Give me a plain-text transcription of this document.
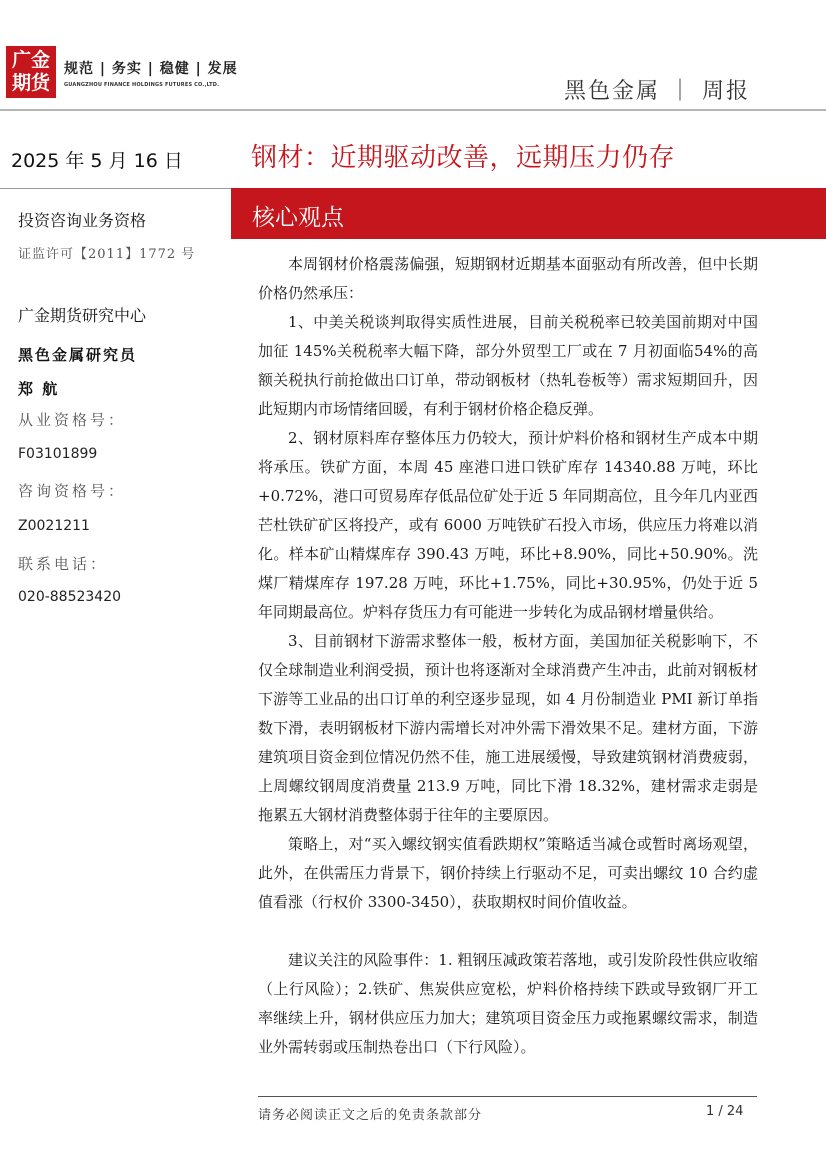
广金
期货
规范 | 务实 | 稳健 | 发展
GUANGZHOU FINANCE HOLDINGS FUTURES CO.,LTD.	黑色金属 ｜ 周报
2025 年 5 月 16 日	钢材：近期驱动改善，远期压力仍存
核心观点
投资咨询业务资格
证监许可【2011】1772 号
广金期货研究中心
黑色金属研究员
郑 航
从业资格号：
F03101899
咨询资格号：
Z0021211
联系电话：
020-88523420

本周钢材价格震荡偏强，短期钢材近期基本面驱动有所改善，但中长期价格仍然承压：

1、中美关税谈判取得实质性进展，目前关税税率已较美国前期对中国加征 145%关税税率大幅下降，部分外贸型工厂或在 7 月初面临54%的高额关税执行前抢做出口订单，带动钢板材（热轧卷板等）需求短期回升，因此短期内市场情绪回暖，有利于钢材价格企稳反弹。

2、钢材原料库存整体压力仍较大，预计炉料价格和钢材生产成本中期将承压。铁矿方面，本周 45 座港口进口铁矿库存 14340.88 万吨，环比+0.72%，港口可贸易库存低品位矿处于近 5 年同期高位，且今年几内亚西芒杜铁矿矿区将投产，或有 6000 万吨铁矿石投入市场，供应压力将难以消化。样本矿山精煤库存 390.43 万吨，环比+8.90%，同比+50.90%。洗煤厂精煤库存 197.28 万吨，环比+1.75%，同比+30.95%，仍处于近 5 年同期最高位。炉料存货压力有可能进一步转化为成品钢材增量供给。

3、目前钢材下游需求整体一般，板材方面，美国加征关税影响下，不仅全球制造业利润受损，预计也将逐渐对全球消费产生冲击，此前对钢板材下游等工业品的出口订单的利空逐步显现，如 4 月份制造业 PMI 新订单指数下滑，表明钢板材下游内需增长对冲外需下滑效果不足。建材方面，下游建筑项目资金到位情况仍然不佳，施工进展缓慢，导致建筑钢材消费疲弱，上周螺纹钢周度消费量 213.9 万吨，同比下滑 18.32%，建材需求走弱是拖累五大钢材消费整体弱于往年的主要原因。

策略上，对“买入螺纹钢实值看跌期权”策略适当减仓或暂时离场观望，此外，在供需压力背景下，钢价持续上行驱动不足，可卖出螺纹 10 合约虚值看涨（行权价 3300-3450），获取期权时间价值收益。

建议关注的风险事件：1. 粗钢压减政策若落地，或引发阶段性供应收缩（上行风险）；2.铁矿、焦炭供应宽松，炉料价格持续下跌或导致钢厂开工率继续上升，钢材供应压力加大；建筑项目资金压力或拖累螺纹需求，制造业外需转弱或压制热卷出口（下行风险）。

请务必阅读正文之后的免责条款部分	1 / 24
